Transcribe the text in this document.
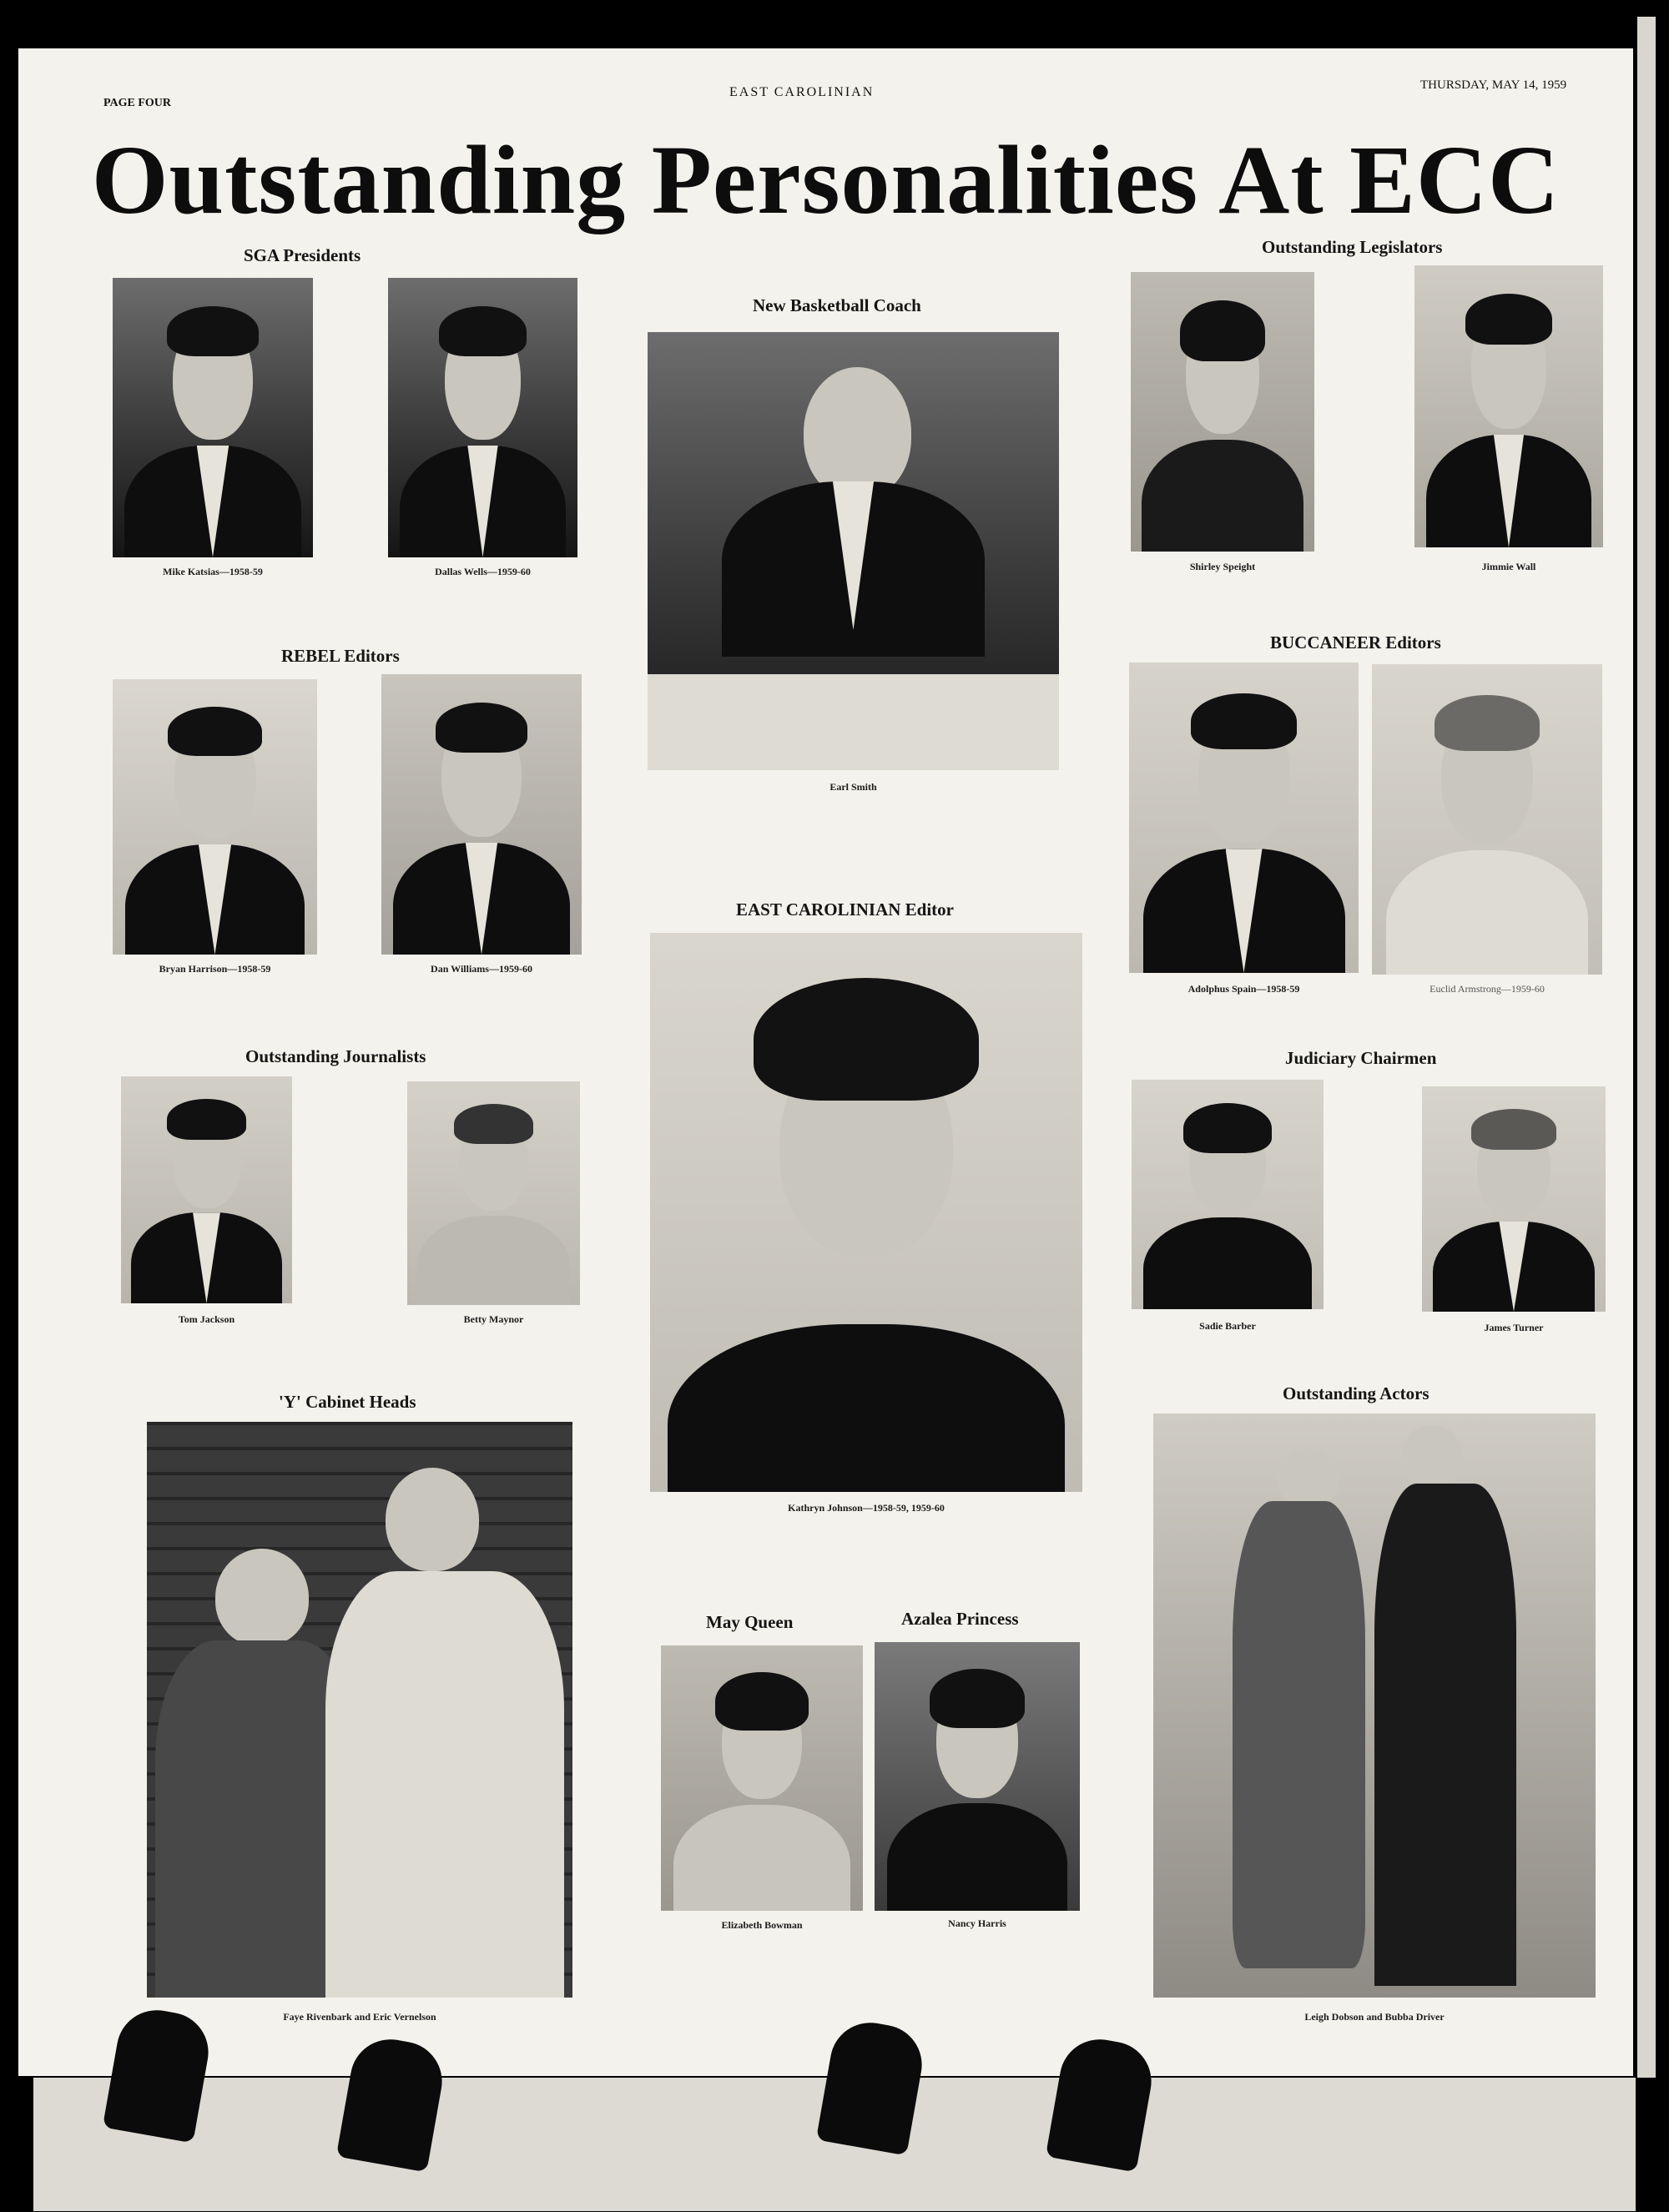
PAGE FOUR
EAST CAROLINIAN	THURSDAY, MAY 14, 1959
Outstanding Personalities At ECC
SGA Presidents
Mike Katsias—1958-59	Dallas Wells—1959-60
New Basketball Coach
Earl Smith
Outstanding Legislators
Shirley Speight	Jimmie Wall
REBEL Editors
Bryan Harrison—1958-59	Dan Williams—1959-60
BUCCANEER Editors
Adolphus Spain—1958-59	Euclid Armstrong—1959-60
EAST CAROLINIAN Editor
Kathryn Johnson—1958-59, 1959-60
Outstanding Journalists
Tom Jackson	Betty Maynor
Judiciary Chairmen
Sadie Barber	James Turner
'Y' Cabinet Heads
Faye Rivenbark and Eric Vernelson
Outstanding Actors
Leigh Dobson and Bubba Driver
May Queen	Azalea Princess
Elizabeth Bowman	Nancy Harris
